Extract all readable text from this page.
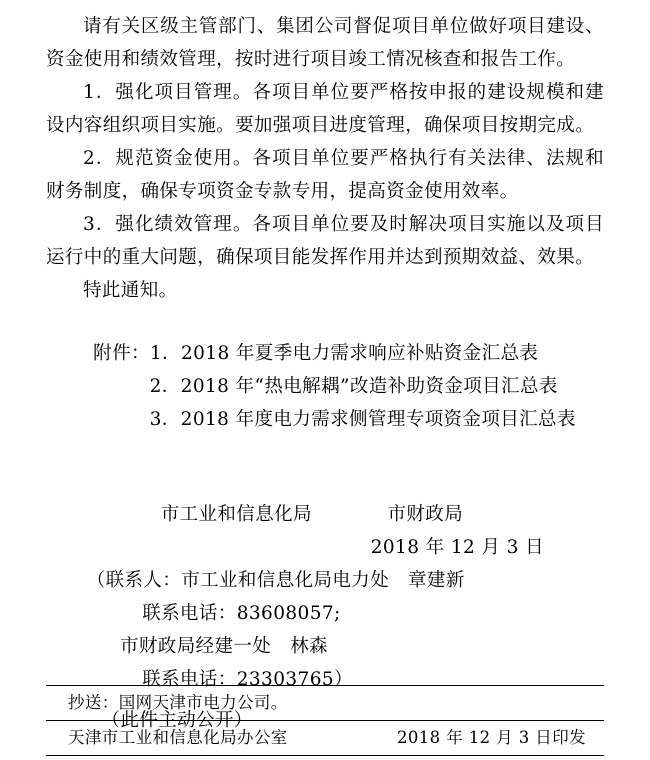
请有关区级主管部门、集团公司督促项目单位做好项目建设、资金使用和绩效管理，按时进行项目竣工情况核查和报告工作。

1．强化项目管理。各项目单位要严格按申报的建设规模和建设内容组织项目实施。要加强项目进度管理，确保项目按期完成。

2．规范资金使用。各项目单位要严格执行有关法律、法规和财务制度，确保专项资金专款专用，提高资金使用效率。

3．强化绩效管理。各项目单位要及时解决项目实施以及项目运行中的重大问题，确保项目能发挥作用并达到预期效益、效果。

特此通知。

附件：1．2018 年夏季电力需求响应补贴资金汇总表
2．2018 年“热电解耦”改造补助资金项目汇总表
3．2018 年度电力需求侧管理专项资金项目汇总表
市工业和信息化局　　　　	市财政局
2018 年 12 月 3 日
（联系人：市工业和信息化局电力处　章建新
联系电话：83608057;
市财政局经建一处　林森
联系电话：23303765）
（此件主动公开）
抄送：国网天津市电力公司。
天津市工业和信息化局办公室	2018 年 12 月 3 日印发
